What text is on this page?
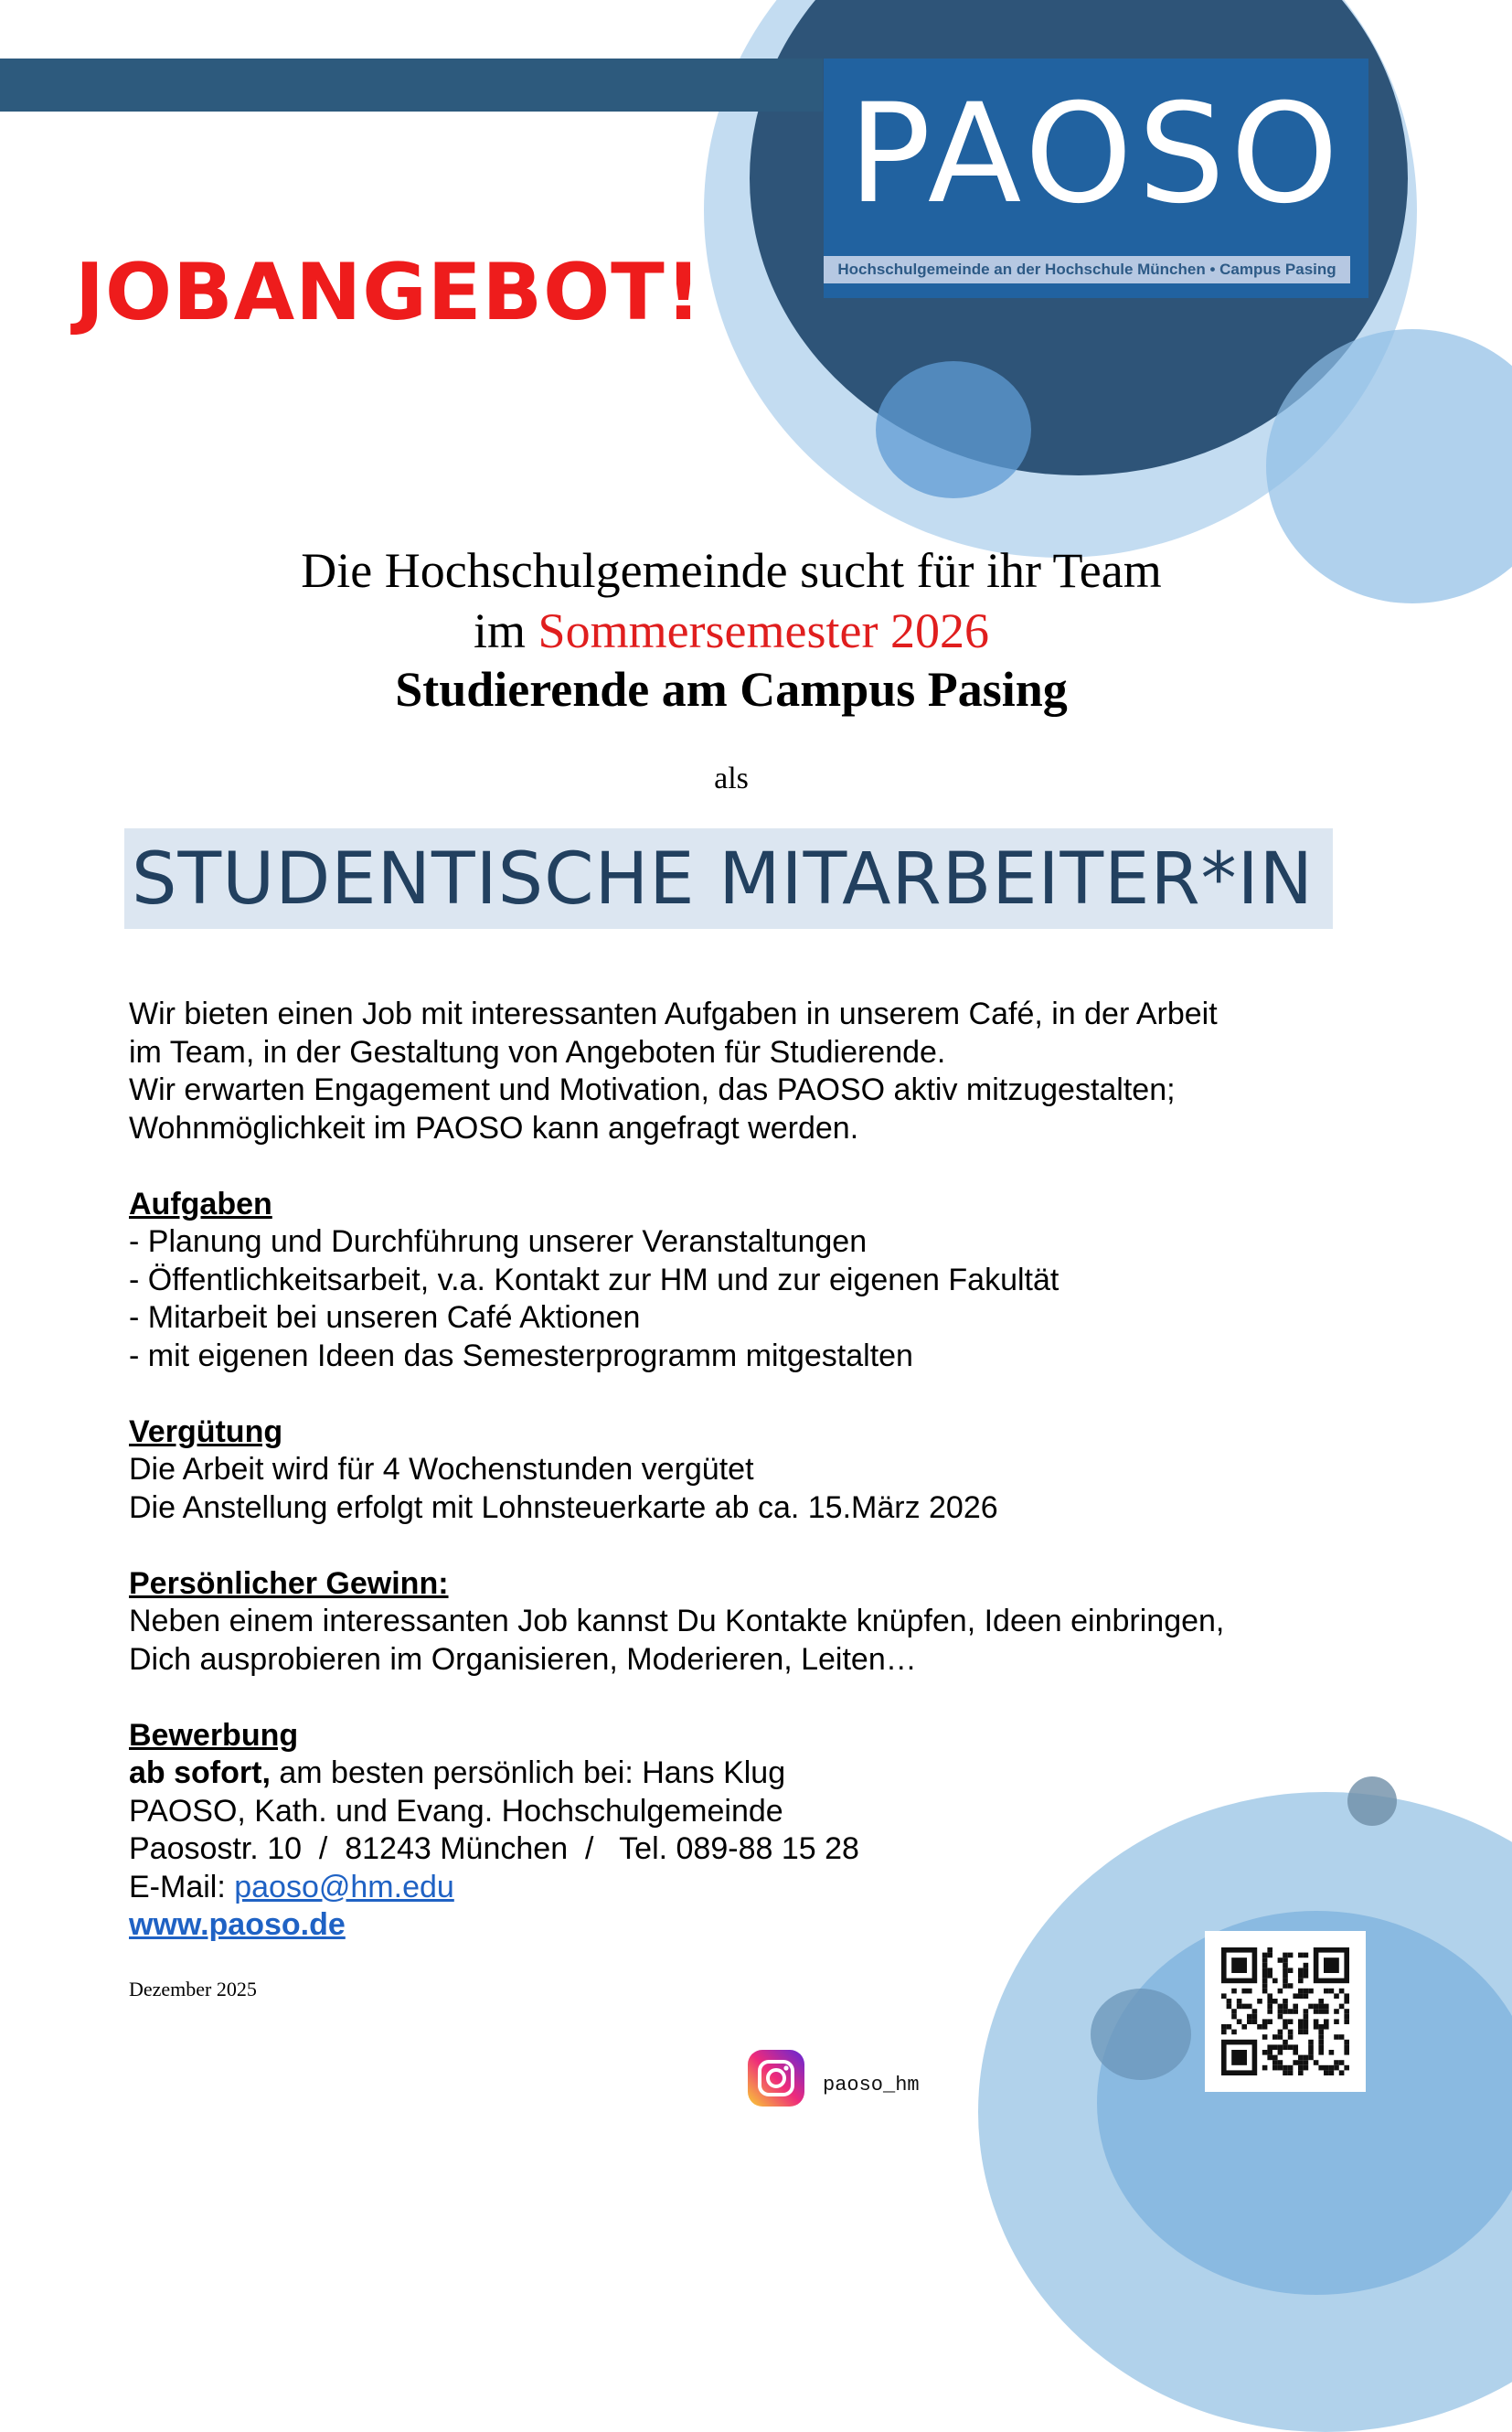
PAOSO
Hochschulgemeinde an der Hochschule München • Campus Pasing
JOBANGEBOT!
Die Hochschulgemeinde sucht für ihr Team
im Sommersemester 2026
Studierende am Campus Pasing
als
STUDENTISCHE MITARBEITER*IN

Wir bieten einen Job mit interessanten Aufgaben in unserem Café, in der Arbeit

im Team, in der Gestaltung von Angeboten für Studierende.

Wir erwarten Engagement und Motivation, das PAOSO aktiv mitzugestalten;

Wohnmöglichkeit im PAOSO kann angefragt werden.

Aufgaben

- Planung und Durchführung unserer Veranstaltungen

- Öffentlichkeitsarbeit, v.a. Kontakt zur HM und zur eigenen Fakultät

- Mitarbeit bei unseren Café Aktionen

- mit eigenen Ideen das Semesterprogramm mitgestalten

Vergütung

Die Arbeit wird für 4 Wochenstunden vergütet

Die Anstellung erfolgt mit Lohnsteuerkarte ab ca. 15.März 2026

Persönlicher Gewinn:

Neben einem interessanten Job kannst Du Kontakte knüpfen, Ideen einbringen,

Dich ausprobieren im Organisieren, Moderieren, Leiten…

Bewerbung

ab sofort, am besten persönlich bei: Hans Klug

PAOSO, Kath. und Evang. Hochschulgemeinde

Paosostr. 10  /  81243 München  /   Tel. 089-88 15 28

E-Mail: paoso@hm.edu

www.paoso.de

Dezember 2025
paoso_hm
